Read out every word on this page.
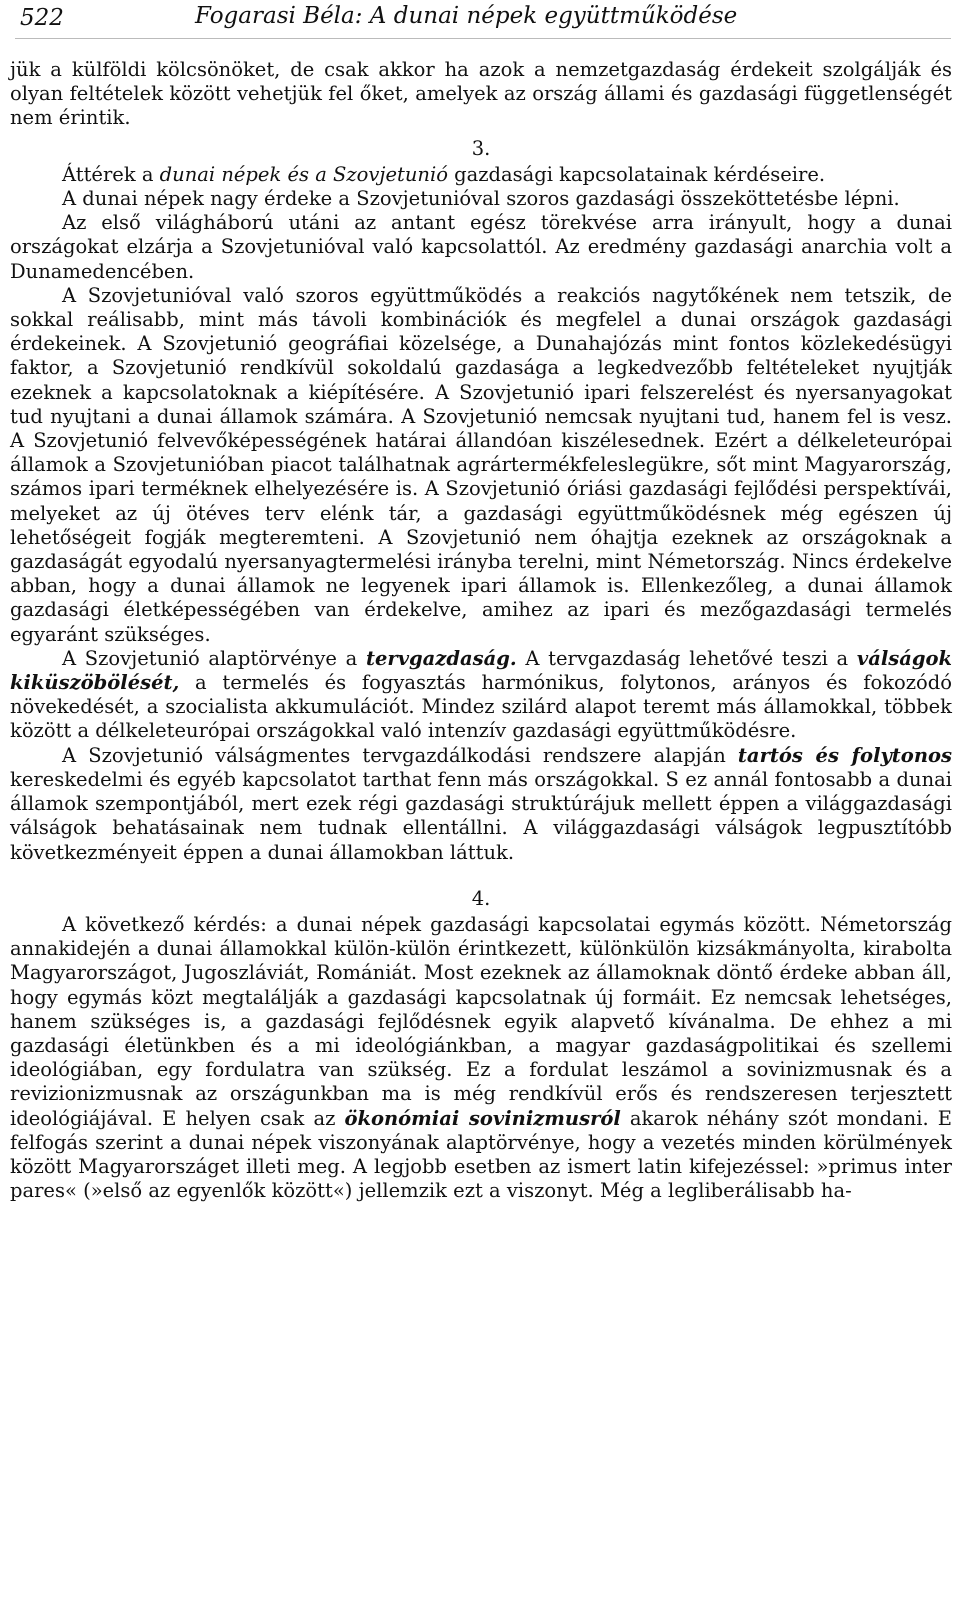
522	Fogarasi Béla: A dunai népek együttműködése

jük a külföldi kölcsönöket, de csak akkor ha azok a nemzetgazdaság érdekeit szolgálják és olyan feltételek között vehetjük fel őket, amelyek az ország állami és gazdasági függetlenségét nem érintik.

3.

Áttérek a dunai népek és a Szovjetunió gazdasági kapcsolatainak kérdéseire.

A dunai népek nagy érdeke a Szovjetunióval szoros gazdasági összeköttetésbe lépni.

Az első világháború utáni az antant egész törekvése arra irányult, hogy a dunai országokat elzárja a Szovjetunióval való kapcsolattól. Az eredmény gazdasági anarchia volt a Dunamedencében.

A Szovjetunióval való szoros együttműködés a reakciós nagytőkének nem tetszik, de sokkal reálisabb, mint más távoli kombinációk és megfelel a dunai országok gazdasági érdekeinek. A Szovjetunió geográfiai közelsége, a Dunahajózás mint fontos közlekedésügyi faktor, a Szovjetunió rendkívül sokoldalú gazdasága a legkedvezőbb feltételeket nyujtják ezeknek a kapcsolatoknak a kiépítésére. A Szovjetunió ipari felszerelést és nyersanyagokat tud nyujtani a dunai államok számára. A Szovjetunió nemcsak nyujtani tud, hanem fel is vesz. A Szovjetunió felvevőképességének határai állandóan kiszélesednek. Ezért a délkeleteurópai államok a Szovjetunióban piacot találhatnak agrártermékfeleslegükre, sőt mint Magyarország, számos ipari terméknek elhelyezésére is. A Szovjetunió óriási gazdasági fejlődési perspektívái, melyeket az új ötéves terv elénk tár, a gazdasági együttműködésnek még egészen új lehetőségeit fogják megteremteni. A Szovjetunió nem óhajtja ezeknek az országoknak a gazdaságát egyodalú nyersanyagtermelési irányba terelni, mint Németország. Nincs érdekelve abban, hogy a dunai államok ne legyenek ipari államok is. Ellenkezőleg, a dunai államok gazdasági életképességében van érdekelve, amihez az ipari és mezőgazdasági termelés egyaránt szükséges.

A Szovjetunió alaptörvénye a tervgazdaság. A tervgazdaság lehetővé teszi a válságok kiküszöbölését, a termelés és fogyasztás harmónikus, folytonos, arányos és fokozódó növekedését, a szocialista akkumulációt. Mindez szilárd alapot teremt más államokkal, többek között a délkeleteurópai országokkal való intenzív gazdasági együttműködésre.

A Szovjetunió válságmentes tervgazdálkodási rendszere alapján tartós és folytonos kereskedelmi és egyéb kapcsolatot tarthat fenn más országokkal. S ez annál fontosabb a dunai államok szempontjából, mert ezek régi gazdasági struktúrájuk mellett éppen a világgazdasági válságok behatásainak nem tudnak ellentállni. A világgazdasági válságok legpusztítóbb következményeit éppen a dunai államokban láttuk.

4.

A következő kérdés: a dunai népek gazdasági kapcsolatai egymás között. Németország annakidején a dunai államokkal külön-külön érintkezett, különkülön kizsákmányolta, kirabolta Magyarországot, Jugoszláviát, Romániát. Most ezeknek az államoknak döntő érdeke abban áll, hogy egymás közt megtalálják a gazdasági kapcsolatnak új formáit. Ez nemcsak lehetséges, hanem szükséges is, a gazdasági fejlődésnek egyik alapvető kívánalma. De ehhez a mi gazdasági életünkben és a mi ideológiánkban, a magyar gazdaságpolitikai és szellemi ideológiában, egy fordulatra van szükség. Ez a fordulat leszámol a sovinizmusnak és a revizionizmusnak az országunkban ma is még rendkívül erős és rendszeresen terjesztett ideológiájával. E helyen csak az ökonómiai sovinizmusról akarok néhány szót mondani. E felfogás szerint a dunai népek viszonyának alaptörvénye, hogy a vezetés minden körülmények között Magyarországet illeti meg. A legjobb esetben az ismert latin kifejezéssel: »primus inter pares« (»első az egyenlők között«) jellemzik ezt a viszonyt. Még a legliberálisabb ha-
